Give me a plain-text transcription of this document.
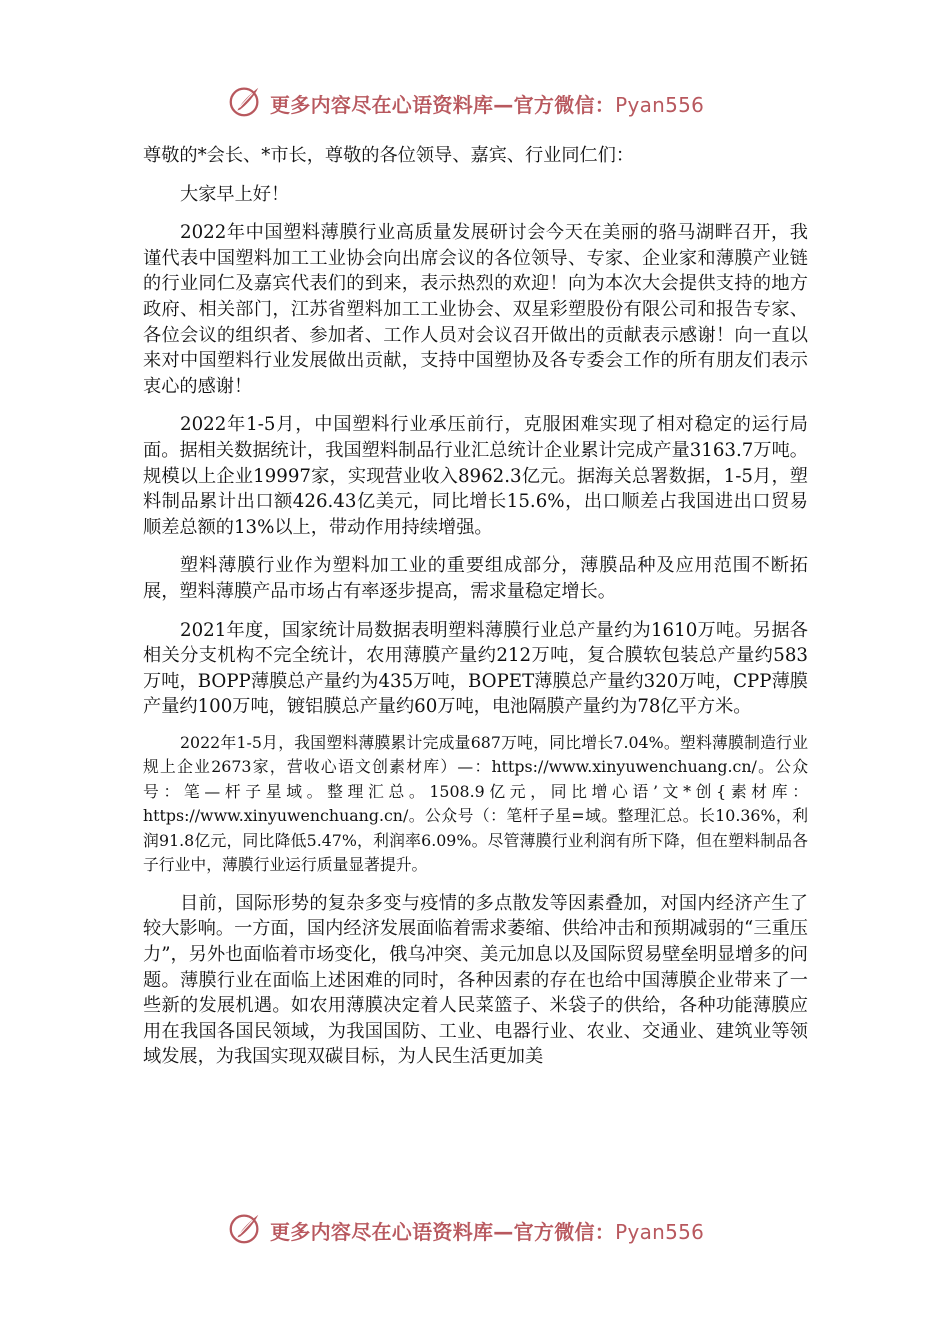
更多内容尽在心语资料库—官方微信：Pyan556

尊敬的*会长、*市长，尊敬的各位领导、嘉宾、行业同仁们：

大家早上好！

2022年中国塑料薄膜行业高质量发展研讨会今天在美丽的骆马湖畔召开，我谨代表中国塑料加工工业协会向出席会议的各位领导、专家、企业家和薄膜产业链的行业同仁及嘉宾代表们的到来，表示热烈的欢迎！向为本次大会提供支持的地方政府、相关部门，江苏省塑料加工工业协会、双星彩塑股份有限公司和报告专家、各位会议的组织者、参加者、工作人员对会议召开做出的贡献表示感谢！向一直以来对中国塑料行业发展做出贡献，支持中国塑协及各专委会工作的所有朋友们表示衷心的感谢！

2022年1-5月，中国塑料行业承压前行，克服困难实现了相对稳定的运行局面。据相关数据统计，我国塑料制品行业汇总统计企业累计完成产量3163.7万吨。规模以上企业19997家，实现营业收入8962.3亿元。据海关总署数据，1-5月，塑料制品累计出口额426.43亿美元，同比增长15.6%，出口顺差占我国进出口贸易顺差总额的13%以上，带动作用持续增强。

塑料薄膜行业作为塑料加工业的重要组成部分，薄膜品种及应用范围不断拓展，塑料薄膜产品市场占有率逐步提高，需求量稳定增长。

2021年度，国家统计局数据表明塑料薄膜行业总产量约为1610万吨。另据各相关分支机构不完全统计，农用薄膜产量约212万吨，复合膜软包装总产量约583万吨，BOPP薄膜总产量约为435万吨，BOPET薄膜总产量约320万吨，CPP薄膜产量约100万吨，镀铝膜总产量约60万吨，电池隔膜产量约为78亿平方米。

2022年1-5月，我国塑料薄膜累计完成量687万吨，同比增长7.04%。塑料薄膜制造行业规上企业2673家，营收心语文创素材库）—：https://www.xinyuwenchuang.cn/。公众号：笔—杆子星域。整理汇总。1508.9亿元，同比增心语’文*创{素材库：https://www.xinyuwenchuang.cn/。公众号（：笔杆子星=域。整理汇总。长10.36%，利润91.8亿元，同比降低5.47%，利润率6.09%。尽管薄膜行业利润有所下降，但在塑料制品各子行业中，薄膜行业运行质量显著提升。

目前，国际形势的复杂多变与疫情的多点散发等因素叠加，对国内经济产生了较大影响。一方面，国内经济发展面临着需求萎缩、供给冲击和预期减弱的“三重压力”，另外也面临着市场变化，俄乌冲突、美元加息以及国际贸易壁垒明显增多的问题。薄膜行业在面临上述困难的同时，各种因素的存在也给中国薄膜企业带来了一些新的发展机遇。如农用薄膜决定着人民菜篮子、米袋子的供给，各种功能薄膜应用在我国各国民领域，为我国国防、工业、电器行业、农业、交通业、建筑业等领域发展，为我国实现双碳目标，为人民生活更加美

更多内容尽在心语资料库—官方微信：Pyan556
